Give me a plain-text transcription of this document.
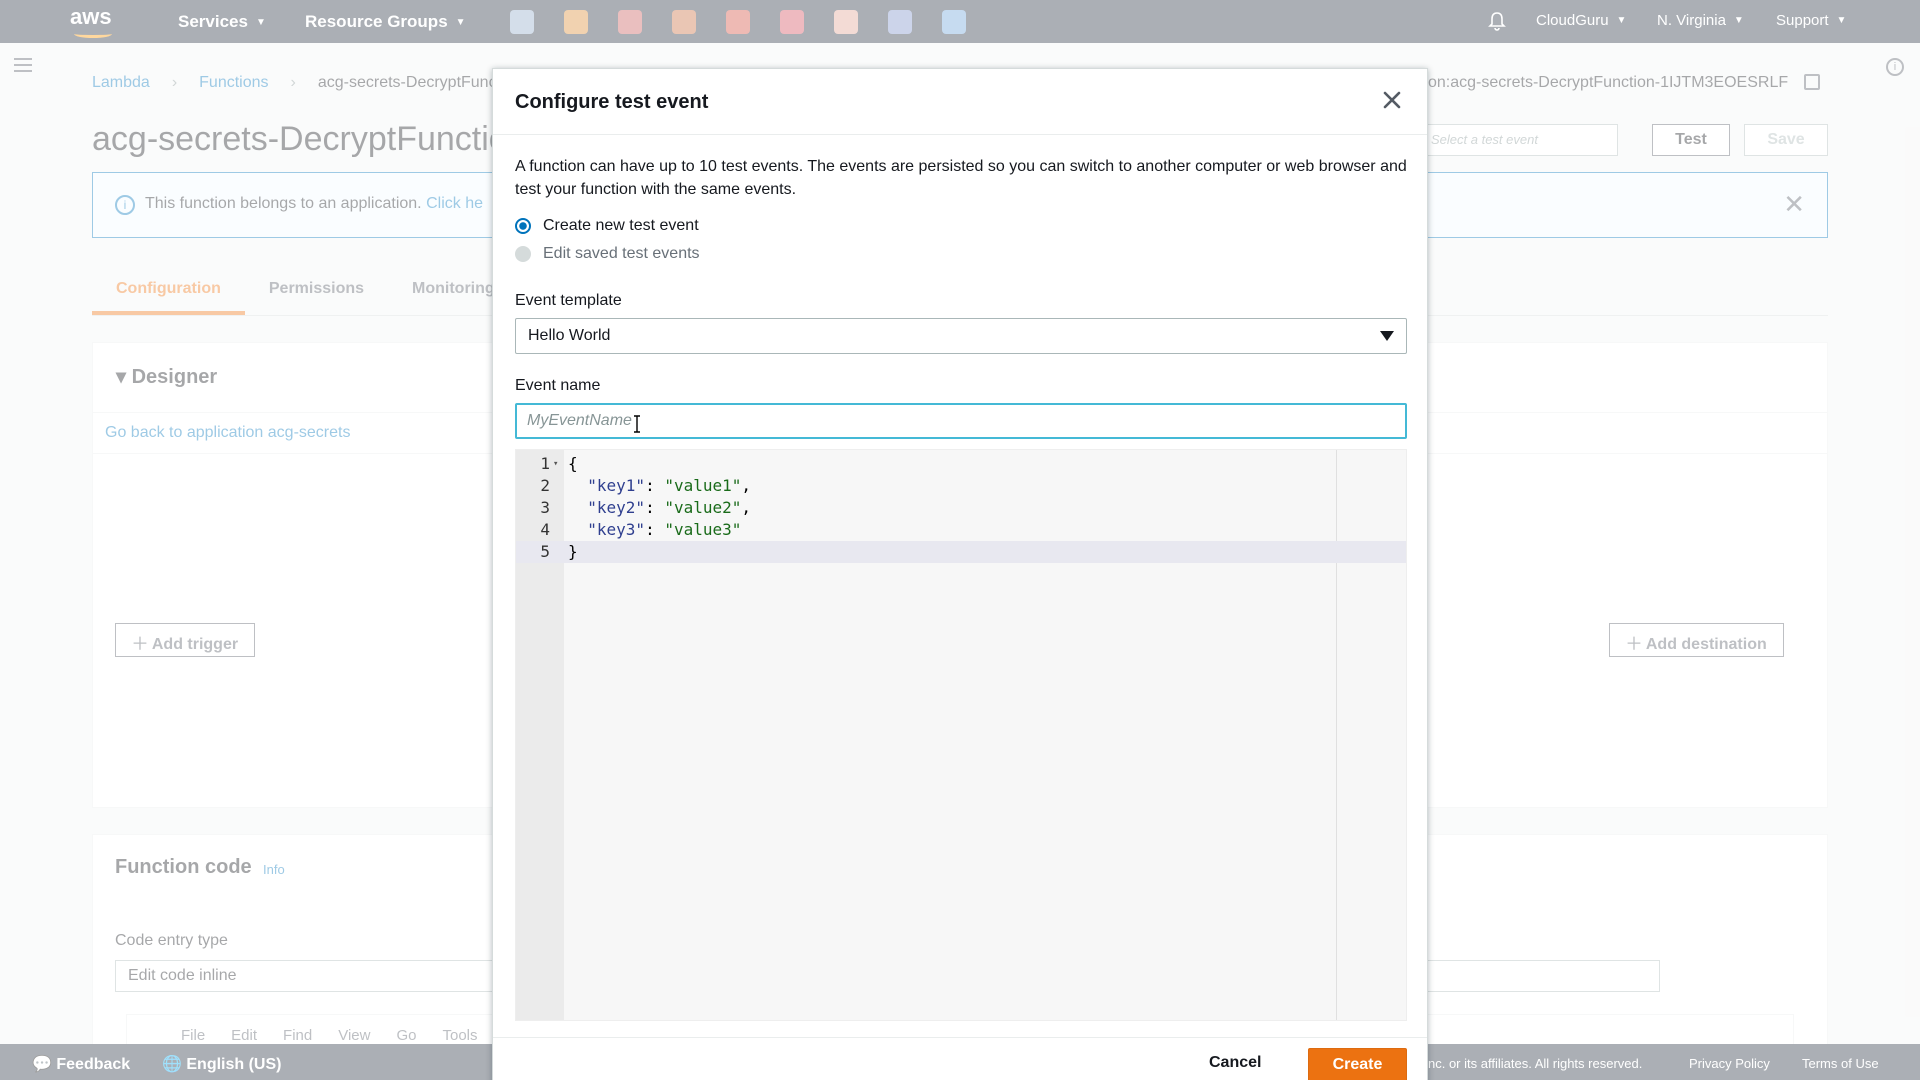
Configure test event
A function can have up to 10 test events. The events are persisted so you can switch to another computer or web browser and test your function with the same events.
Create new test event
Edit saved test events
Event template
Hello World
Event name
MyEventName
1 ▾ {
2	"key1": "value1",
3	"key2": "value2",
4	"key3": "value3"
5 }
Cancel	Create
